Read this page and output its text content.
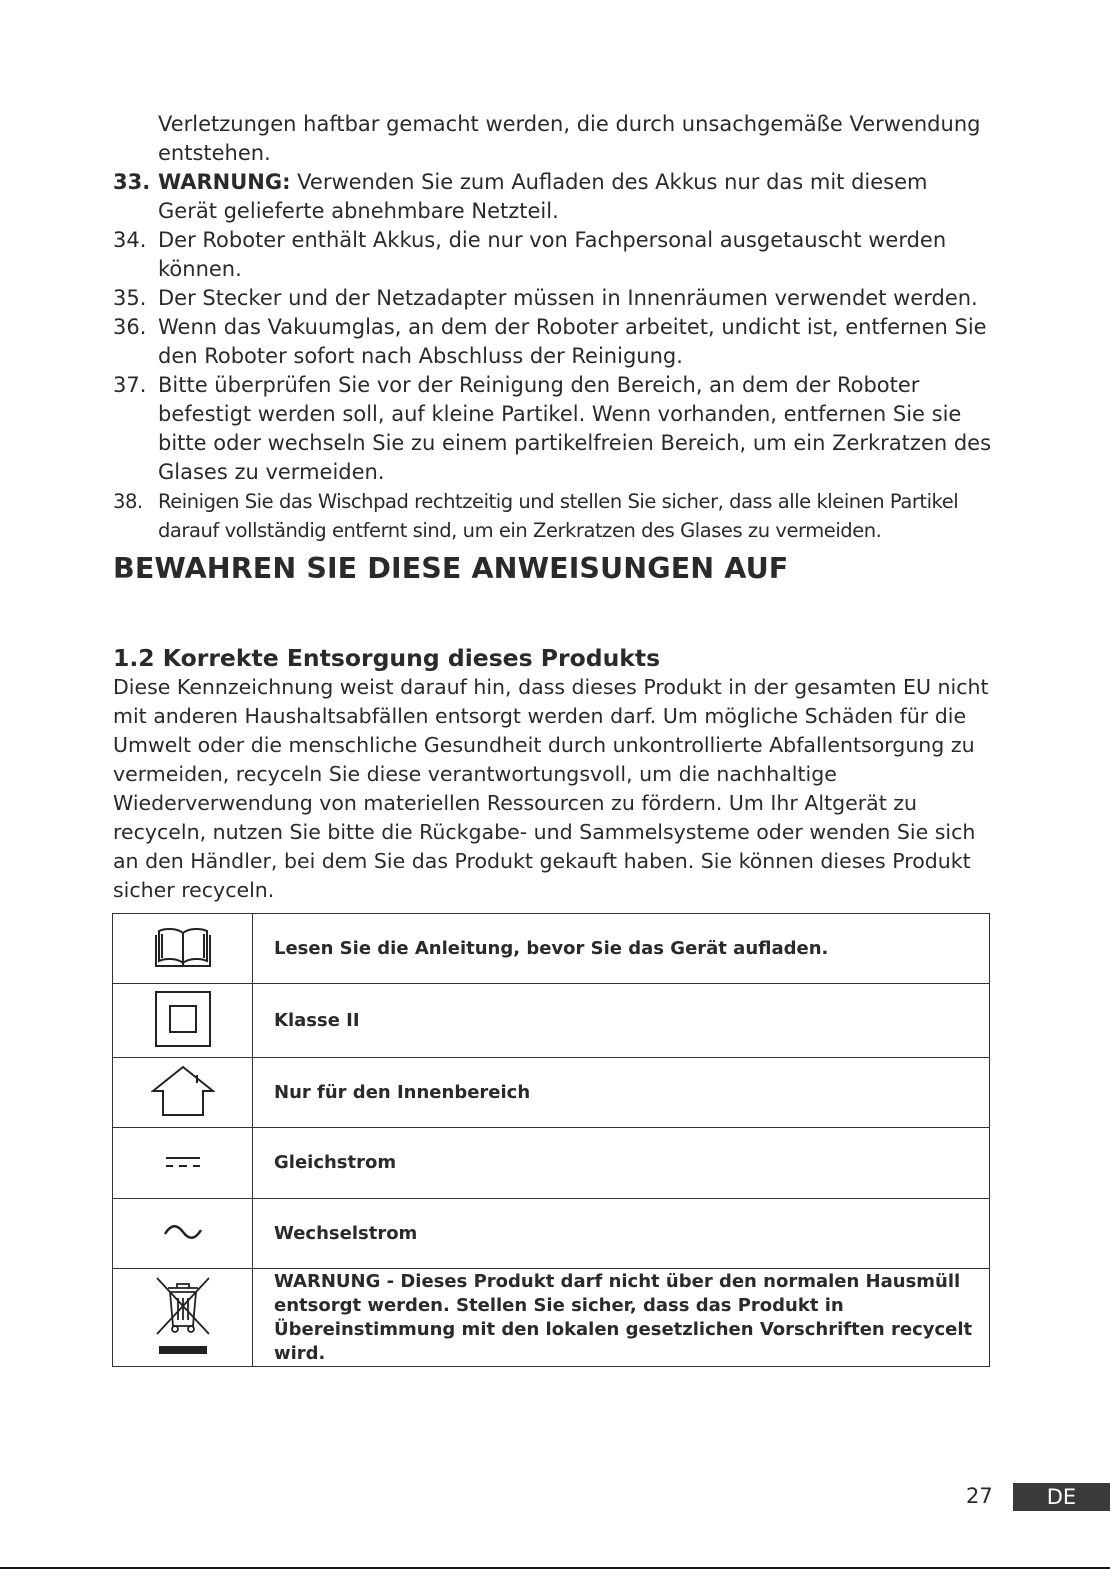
Verletzungen haftbar gemacht werden, die durch unsachgemäße Verwendung entstehen.
33. WARNUNG: Verwenden Sie zum Aufladen des Akkus nur das mit diesem Gerät gelieferte abnehmbare Netzteil.
34. Der Roboter enthält Akkus, die nur von Fachpersonal ausgetauscht werden können.
35. Der Stecker und der Netzadapter müssen in Innenräumen verwendet werden.
36. Wenn das Vakuumglas, an dem der Roboter arbeitet, undicht ist, entfernen Sie den Roboter sofort nach Abschluss der Reinigung.
37. Bitte überprüfen Sie vor der Reinigung den Bereich, an dem der Roboter befestigt werden soll, auf kleine Partikel. Wenn vorhanden, entfernen Sie sie bitte oder wechseln Sie zu einem partikelfreien Bereich, um ein Zerkratzen des Glases zu vermeiden.
38. Reinigen Sie das Wischpad rechtzeitig und stellen Sie sicher, dass alle kleinen Partikel darauf vollständig entfernt sind, um ein Zerkratzen des Glases zu vermeiden.
BEWAHREN SIE DIESE ANWEISUNGEN AUF
1.2 Korrekte Entsorgung dieses Produkts

Diese Kennzeichnung weist darauf hin, dass dieses Produkt in der gesamten EU nicht mit anderen Haushaltsabfällen entsorgt werden darf. Um mögliche Schäden für die Umwelt oder die menschliche Gesundheit durch unkontrollierte Abfallentsorgung zu vermeiden, recyceln Sie diese verantwortungsvoll, um die nachhaltige Wiederverwendung von materiellen Ressourcen zu fördern. Um Ihr Altgerät zu recyceln, nutzen Sie bitte die Rückgabe- und Sammelsysteme oder wenden Sie sich an den Händler, bei dem Sie das Produkt gekauft haben. Sie können dieses Produkt sicher recyceln.

	Lesen Sie die Anleitung, bevor Sie das Gerät aufladen.
	Klasse II
	Nur für den Innenbereich
	Gleichstrom
	Wechselstrom
	WARNUNG - Dieses Produkt darf nicht über den normalen Hausmüll entsorgt werden. Stellen Sie sicher, dass das Produkt in Übereinstimmung mit den lokalen gesetzlichen Vorschriften recycelt wird.
27	DE
